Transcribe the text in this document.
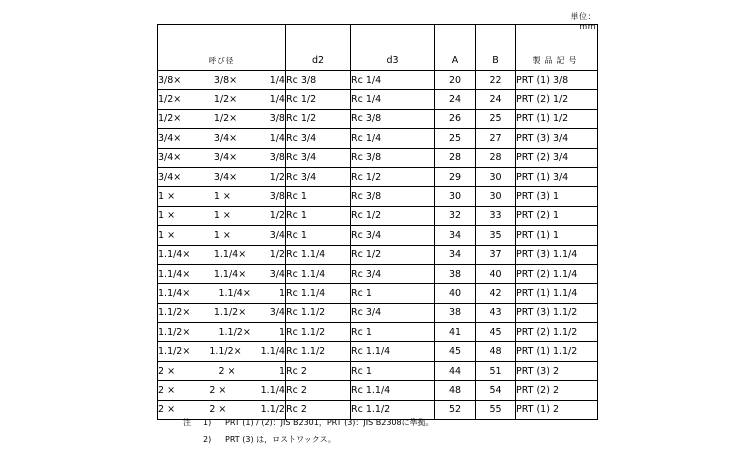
単位：mm
呼び径	d2	d3	A	B	製品記号

3/8× 3/8× 1/4	Rc 3/8	Rc 1/4	20	22	PRT (1) 3/8

1/2× 1/2× 1/4	Rc 1/2	Rc 1/4	24	24	PRT (2) 1/2

1/2× 1/2× 3/8	Rc 1/2	Rc 3/8	26	25	PRT (1) 1/2

3/4× 3/4× 1/4	Rc 3/4	Rc 1/4	25	27	PRT (3) 3/4

3/4× 3/4× 3/8	Rc 3/4	Rc 3/8	28	28	PRT (2) 3/4

3/4× 3/4× 1/2	Rc 3/4	Rc 1/2	29	30	PRT (1) 3/4

1 × 1 × 3/8	Rc 1	Rc 3/8	30	30	PRT (3) 1

1 × 1 × 1/2	Rc 1	Rc 1/2	32	33	PRT (2) 1

1 × 1 × 3/4	Rc 1	Rc 3/4	34	35	PRT (1) 1

1.1/4× 1.1/4× 1/2	Rc 1.1/4	Rc 1/2	34	37	PRT (3) 1.1/4

1.1/4× 1.1/4× 3/4	Rc 1.1/4	Rc 3/4	38	40	PRT (2) 1.1/4

1.1/4× 1.1/4× 1	Rc 1.1/4	Rc 1	40	42	PRT (1) 1.1/4

1.1/2× 1.1/2× 3/4	Rc 1.1/2	Rc 3/4	38	43	PRT (3) 1.1/2

1.1/2× 1.1/2× 1	Rc 1.1/2	Rc 1	41	45	PRT (2) 1.1/2

1.1/2× 1.1/2× 1.1/4	Rc 1.1/2	Rc 1.1/4	45	48	PRT (1) 1.1/2

2 × 2 × 1	Rc 2	Rc 1	44	51	PRT (3) 2

2 × 2 × 1.1/4	Rc 2	Rc 1.1/4	48	54	PRT (2) 2

2 × 2 × 1.1/2	Rc 2	Rc 1.1/2	52	55	PRT (1) 2
注	1)	PRT (1) / (2)：JIS B2301，PRT (3)：JIS B2308に準拠。
2)	PRT (3) は，ロストワックス。
